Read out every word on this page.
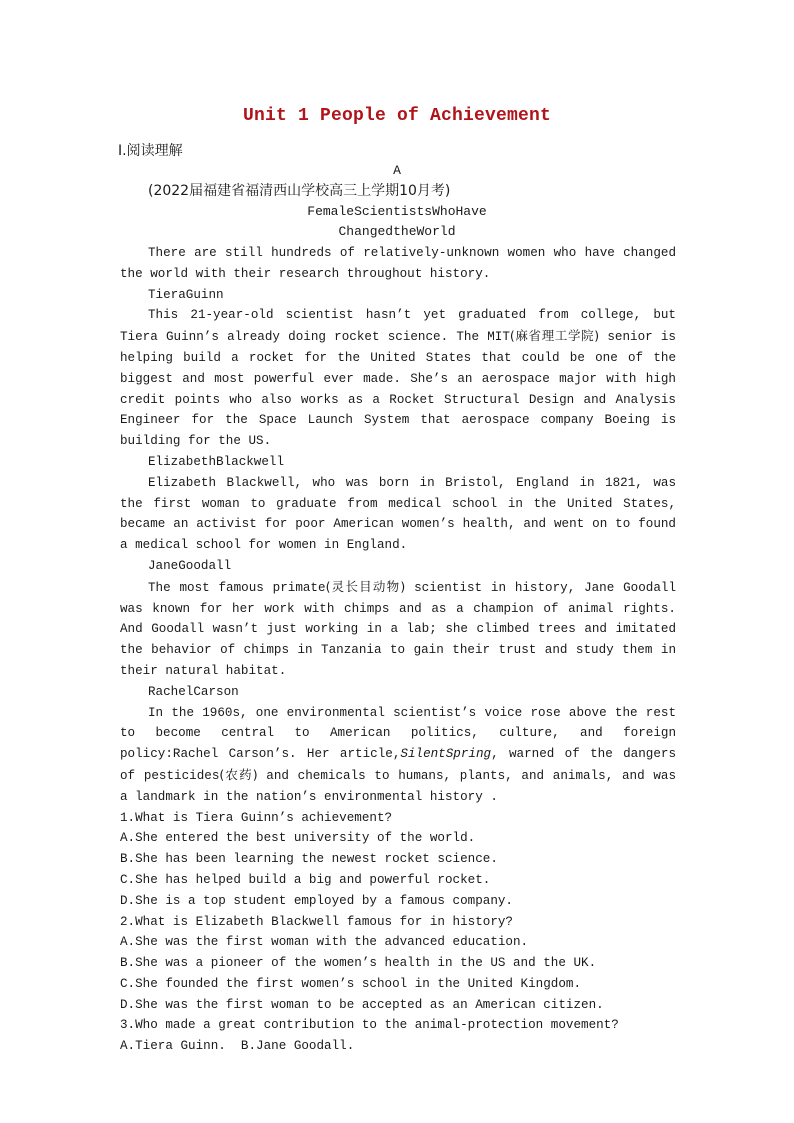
Unit 1 People of Achievement
Ⅰ.阅读理解
A
(2022届福建省福清西山学校高三上学期10月考)
FemaleScientistsWhoHave
ChangedtheWorld

There are still hundreds of relatively-unknown women who have changed the world with their research throughout history.

TieraGuinn

This 21-year-old scientist hasn’t yet graduated from college, but Tiera Guinn’s already doing rocket science. The MIT(麻省理工学院) senior is helping build a rocket for the United States that could be one of the biggest and most powerful ever made. She’s an aerospace major with high credit points who also works as a Rocket Structural Design and Analysis Engineer for the Space Launch System that aerospace company Boeing is building for the US.

ElizabethBlackwell

Elizabeth Blackwell, who was born in Bristol, England in 1821, was the first woman to graduate from medical school in the United States, became an activist for poor American women’s health, and went on to found a medical school for women in England.

JaneGoodall

The most famous primate(灵长目动物) scientist in history, Jane Goodall was known for her work with chimps and as a champion of animal rights. And Goodall wasn’t just working in a lab; she climbed trees and imitated the behavior of chimps in Tanzania to gain their trust and study them in their natural habitat.

RachelCarson

In the 1960s, one environmental scientist’s voice rose above the rest to become central to American politics, culture, and foreign policy:Rachel Carson’s. Her article,SilentSpring, warned of the dangers of pesticides(农药) and chemicals to humans, plants, and animals, and was a landmark in the nation’s environmental history .

1.What is Tiera Guinn’s achievement?

A.She entered the best university of the world.

B.She has been learning the newest rocket science.

C.She has helped build a big and powerful rocket.

D.She is a top student employed by a famous company.

2.What is Elizabeth Blackwell famous for in history?

A.She was the first woman with the advanced education.

B.She was a pioneer of the women’s health in the US and the UK.

C.She founded the first women’s school in the United Kingdom.

D.She was the first woman to be accepted as an American citizen.

3.Who made a great contribution to the animal-protection movement?

A.Tiera Guinn.  B.Jane Goodall.
